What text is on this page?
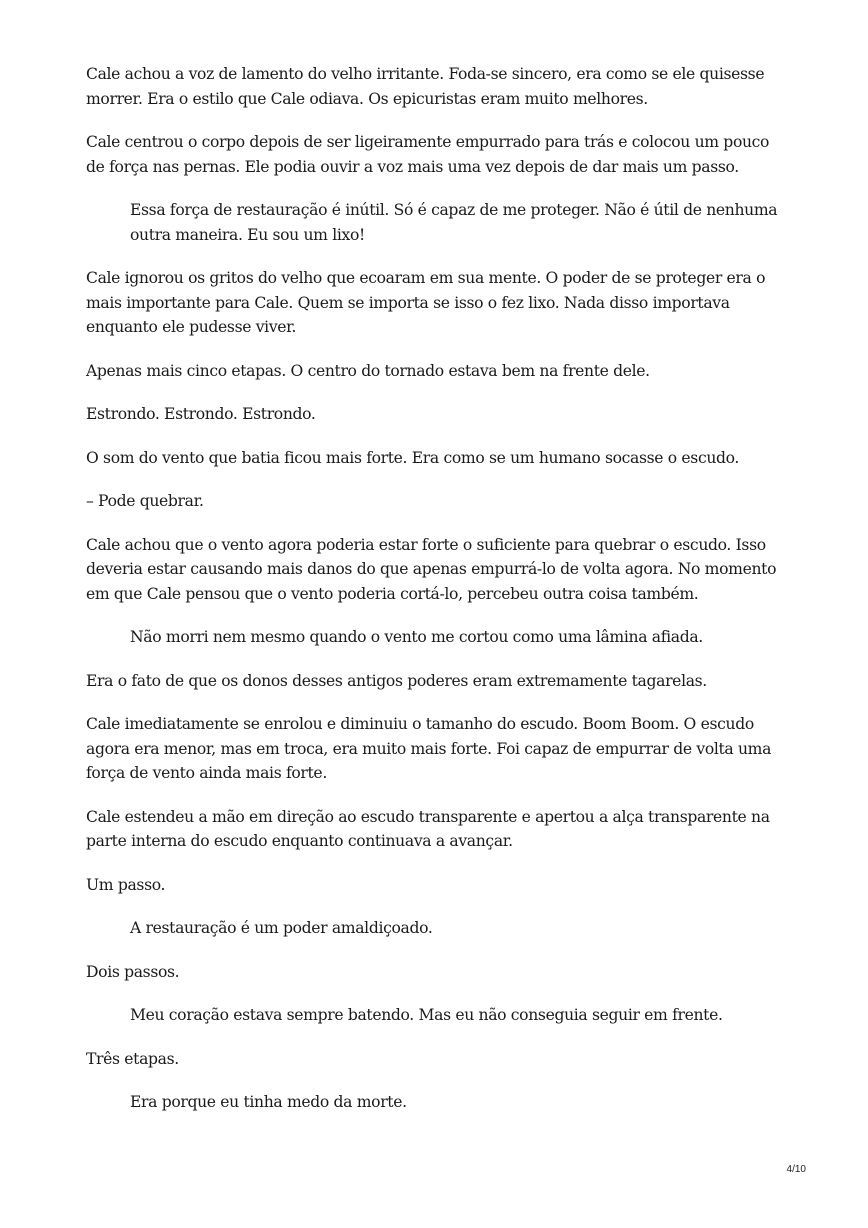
Cale achou a voz de lamento do velho irritante. Foda-se sincero, era como se ele quisesse morrer. Era o estilo que Cale odiava. Os epicuristas eram muito melhores.

Cale centrou o corpo depois de ser ligeiramente empurrado para trás e colocou um pouco de força nas pernas. Ele podia ouvir a voz mais uma vez depois de dar mais um passo.

Essa força de restauração é inútil. Só é capaz de me proteger. Não é útil de nenhuma outra maneira. Eu sou um lixo!

Cale ignorou os gritos do velho que ecoaram em sua mente. O poder de se proteger era o mais importante para Cale. Quem se importa se isso o fez lixo. Nada disso importava enquanto ele pudesse viver.

Apenas mais cinco etapas. O centro do tornado estava bem na frente dele.

Estrondo. Estrondo. Estrondo.

O som do vento que batia ficou mais forte. Era como se um humano socasse o escudo.

– Pode quebrar.

Cale achou que o vento agora poderia estar forte o suficiente para quebrar o escudo. Isso deveria estar causando mais danos do que apenas empurrá-lo de volta agora. No momento em que Cale pensou que o vento poderia cortá-lo, percebeu outra coisa também.

Não morri nem mesmo quando o vento me cortou como uma lâmina afiada.

Era o fato de que os donos desses antigos poderes eram extremamente tagarelas.

Cale imediatamente se enrolou e diminuiu o tamanho do escudo. Boom Boom. O escudo agora era menor, mas em troca, era muito mais forte. Foi capaz de empurrar de volta uma força de vento ainda mais forte.

Cale estendeu a mão em direção ao escudo transparente e apertou a alça transparente na parte interna do escudo enquanto continuava a avançar.

Um passo.

A restauração é um poder amaldiçoado.

Dois passos.

Meu coração estava sempre batendo. Mas eu não conseguia seguir em frente.

Três etapas.

Era porque eu tinha medo da morte.

4/10
